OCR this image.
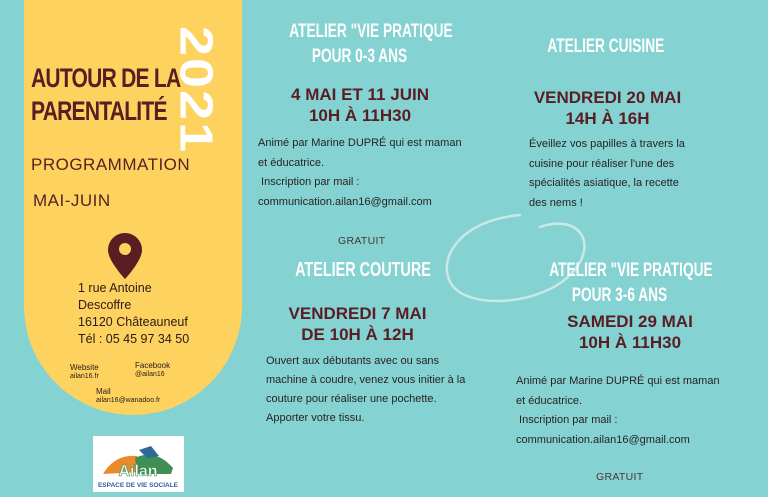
2021
AUTOUR DE LA
PARENTALITÉ
PROGRAMMATION
MAI-JUIN
1 rue Antoine
Descoffre
16120 Châteauneuf
Tél : 05 45 97 34 50
Website
ailan16.fr
Facebook
@ailan16
Mail
ailan16@wanadoo.fr
Ailan
ESPACE DE VIE SOCIALE
ATELIER "VIE PRATIQUE
POUR 0-3 ANS
4 MAI ET 11 JUIN
10H À 11H30
Animé par Marine DUPRÉ qui est maman
et éducatrice.
Inscription par mail :
communication.ailan16@gmail.com
GRATUIT
ATELIER CUISINE
VENDREDI 20 MAI
14H À 16H
Éveillez vos papilles à travers la
cuisine pour réaliser l'une des
spécialités asiatique, la recette
des nems !
ATELIER COUTURE
VENDREDI 7 MAI
DE 10H À 12H
Ouvert aux débutants avec ou sans
machine à coudre, venez vous initier à la
couture pour réaliser une pochette.
Apporter votre tissu.
ATELIER "VIE PRATIQUE
POUR 3-6 ANS
SAMEDI 29 MAI
10H À 11H30
Animé par Marine DUPRÉ qui est maman
et éducatrice.
Inscription par mail :
communication.ailan16@gmail.com
GRATUIT
